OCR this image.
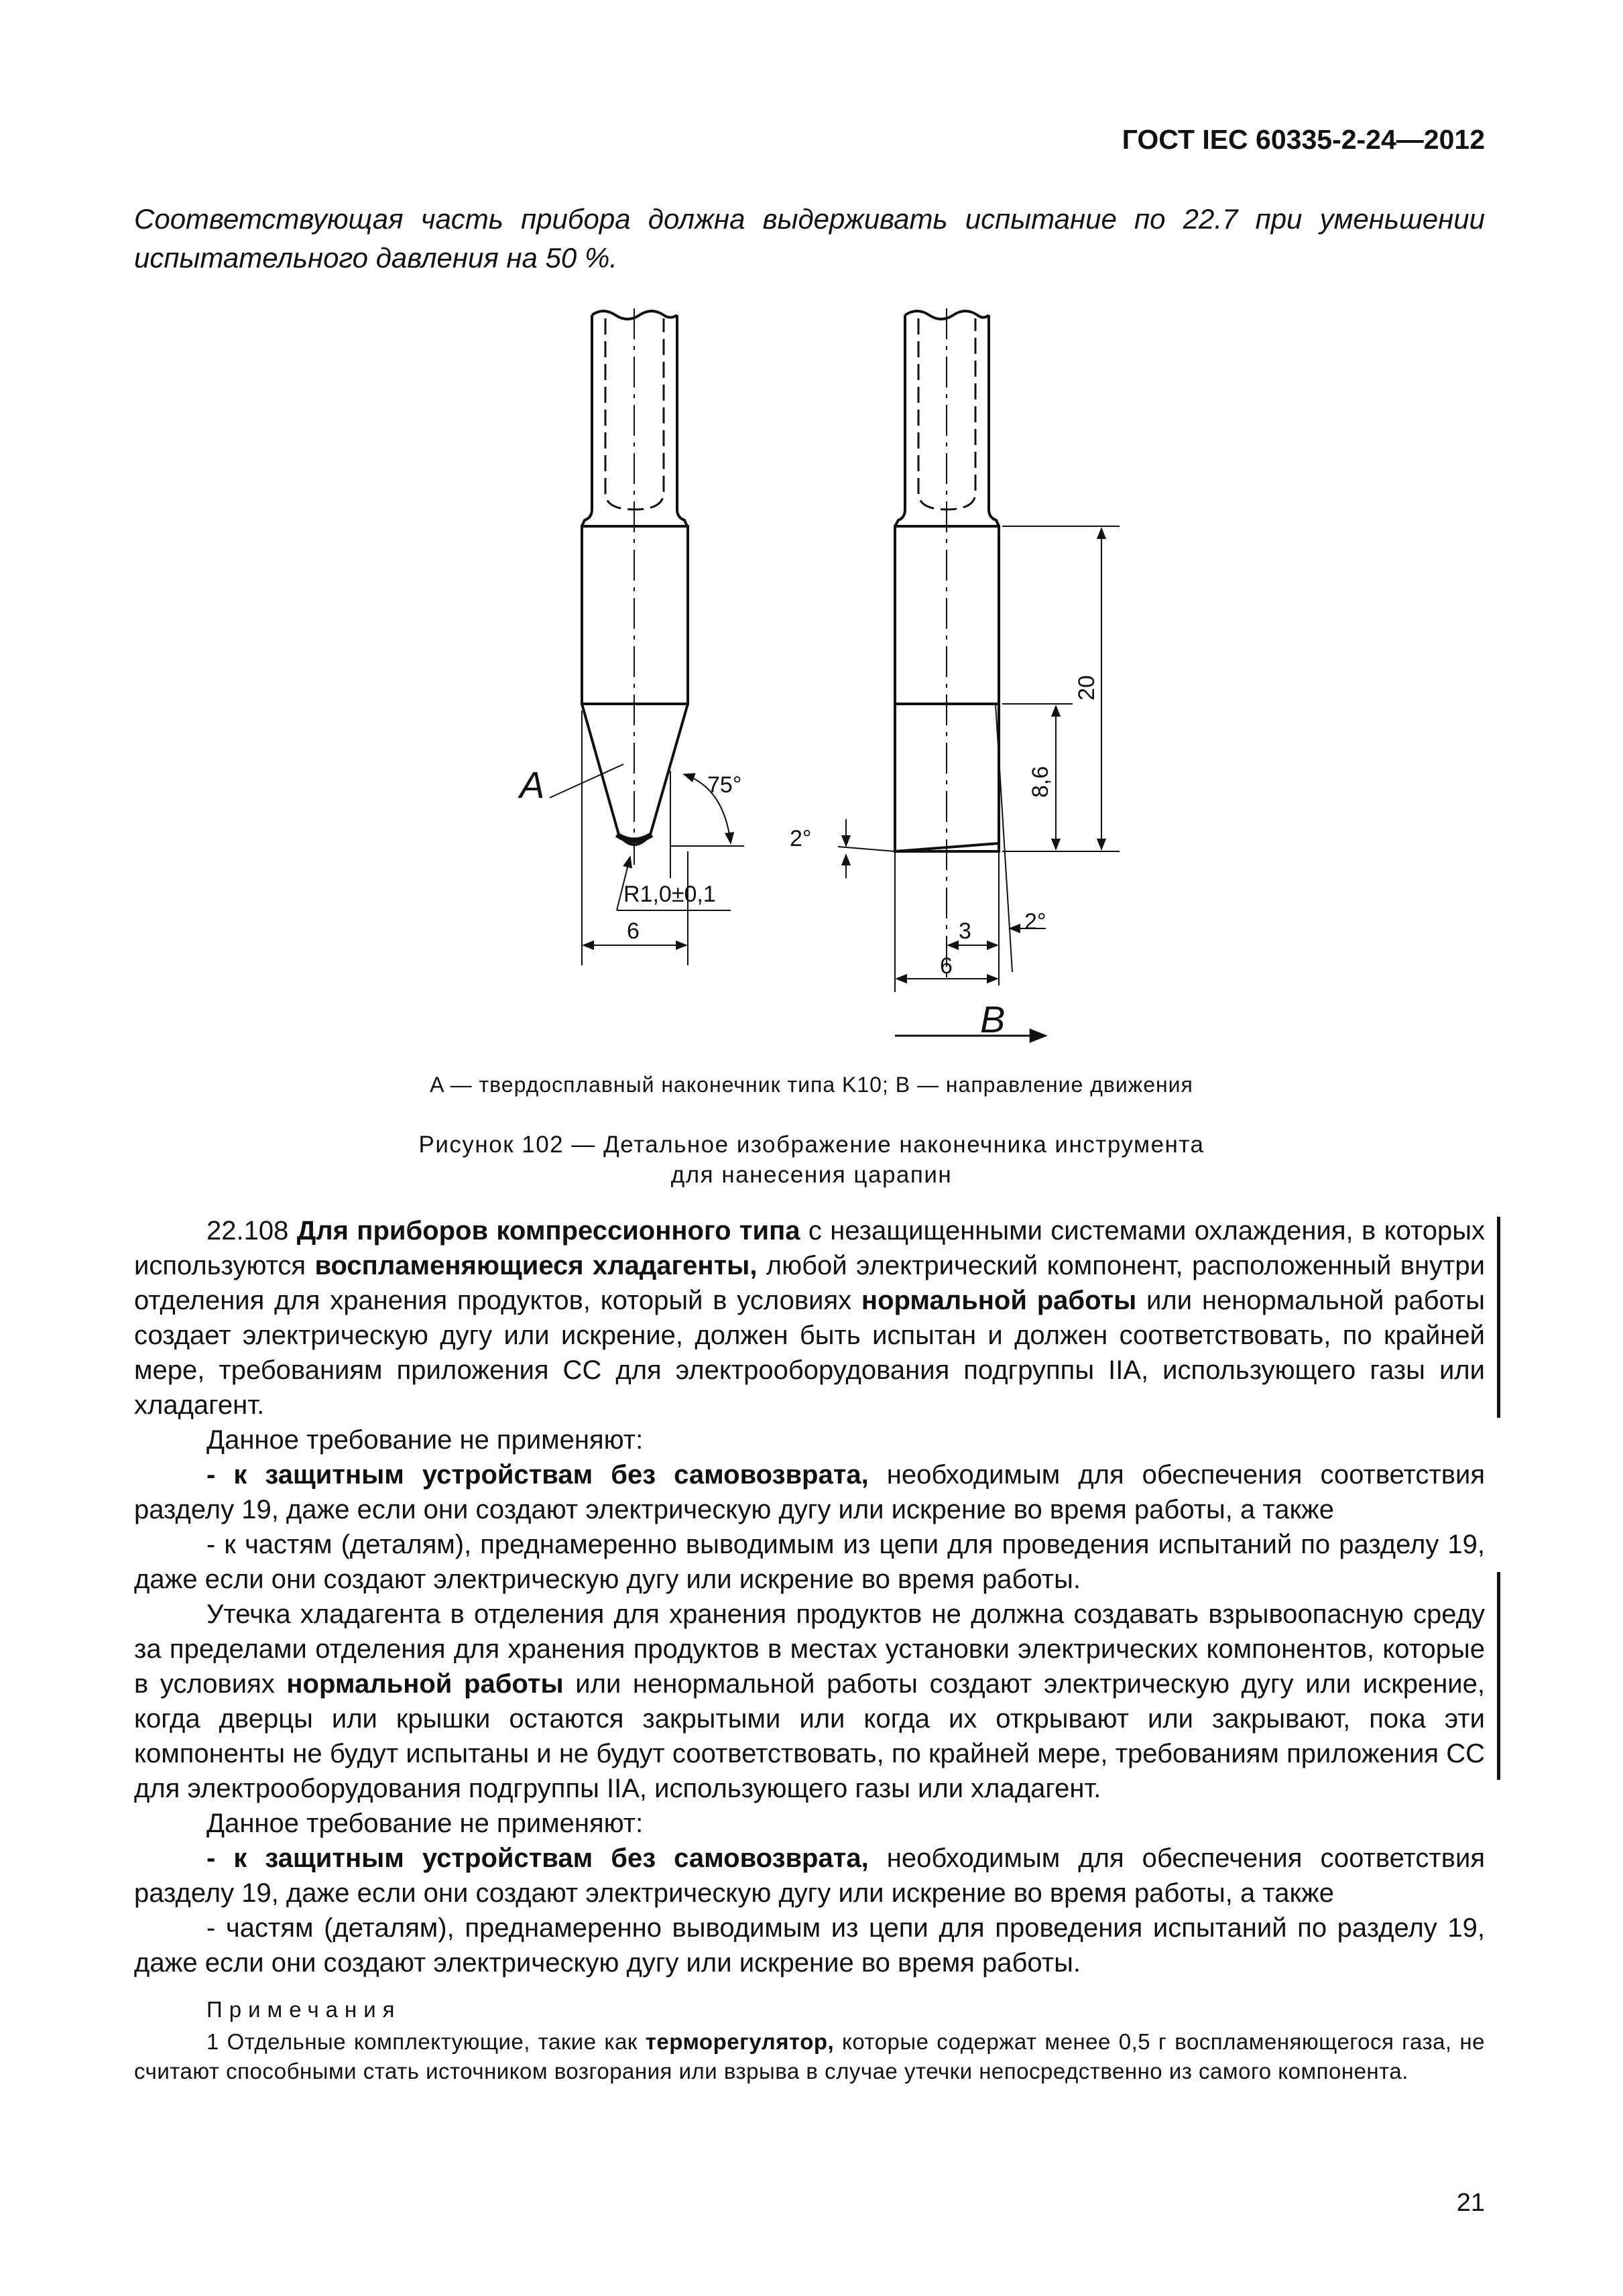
ГОСТ IEC 60335-2-24—2012
Соответствующая часть прибора должна выдерживать испытание по 22.7 при уменьшении испытательного давления на 50 %.
A	75°
R1,0±0,1
6
2°
3 2°
6
B
20
8,6
A — твердосплавный наконечник типа K10; B — направление движения
Рисунок 102 — Детальное изображение наконечника инструмента
для нанесения царапин

22.108 Для приборов компрессионного типа с незащищенными системами охлаждения, в которых используются воспламеняющиеся хладагенты, любой электрический компонент, расположенный внутри отделения для хранения продуктов, который в условиях нормальной работы или ненормальной работы создает электрическую дугу или искрение, должен быть испытан и должен соответствовать, по крайней мере, требованиям приложения CC для электрооборудования подгруппы IIA, использующего газы или хладагент.

Данное требование не применяют:

- к защитным устройствам без самовозврата, необходимым для обеспечения соответствия разделу 19, даже если они создают электрическую дугу или искрение во время работы, а также

- к частям (деталям), преднамеренно выводимым из цепи для проведения испытаний по разделу 19, даже если они создают электрическую дугу или искрение во время работы.

Утечка хладагента в отделения для хранения продуктов не должна создавать взрывоопасную среду за пределами отделения для хранения продуктов в местах установки электрических компонентов, которые в условиях нормальной работы или ненормальной работы создают электрическую дугу или искрение, когда дверцы или крышки остаются закрытыми или когда их открывают или закрывают, пока эти компоненты не будут испытаны и не будут соответствовать, по крайней мере, требованиям приложения CC для электрооборудования подгруппы IIA, использующего газы или хладагент.

Данное требование не применяют:

- к защитным устройствам без самовозврата, необходимым для обеспечения соответствия разделу 19, даже если они создают электрическую дугу или искрение во время работы, а также

- частям (деталям), преднамеренно выводимым из цепи для проведения испытаний по разделу 19, даже если они создают электрическую дугу или искрение во время работы.

Примечания

1 Отдельные комплектующие, такие как терморегулятор, которые содержат менее 0,5 г воспламеняющегося газа, не считают способными стать источником возгорания или взрыва в случае утечки непосредственно из самого компонента.

21
